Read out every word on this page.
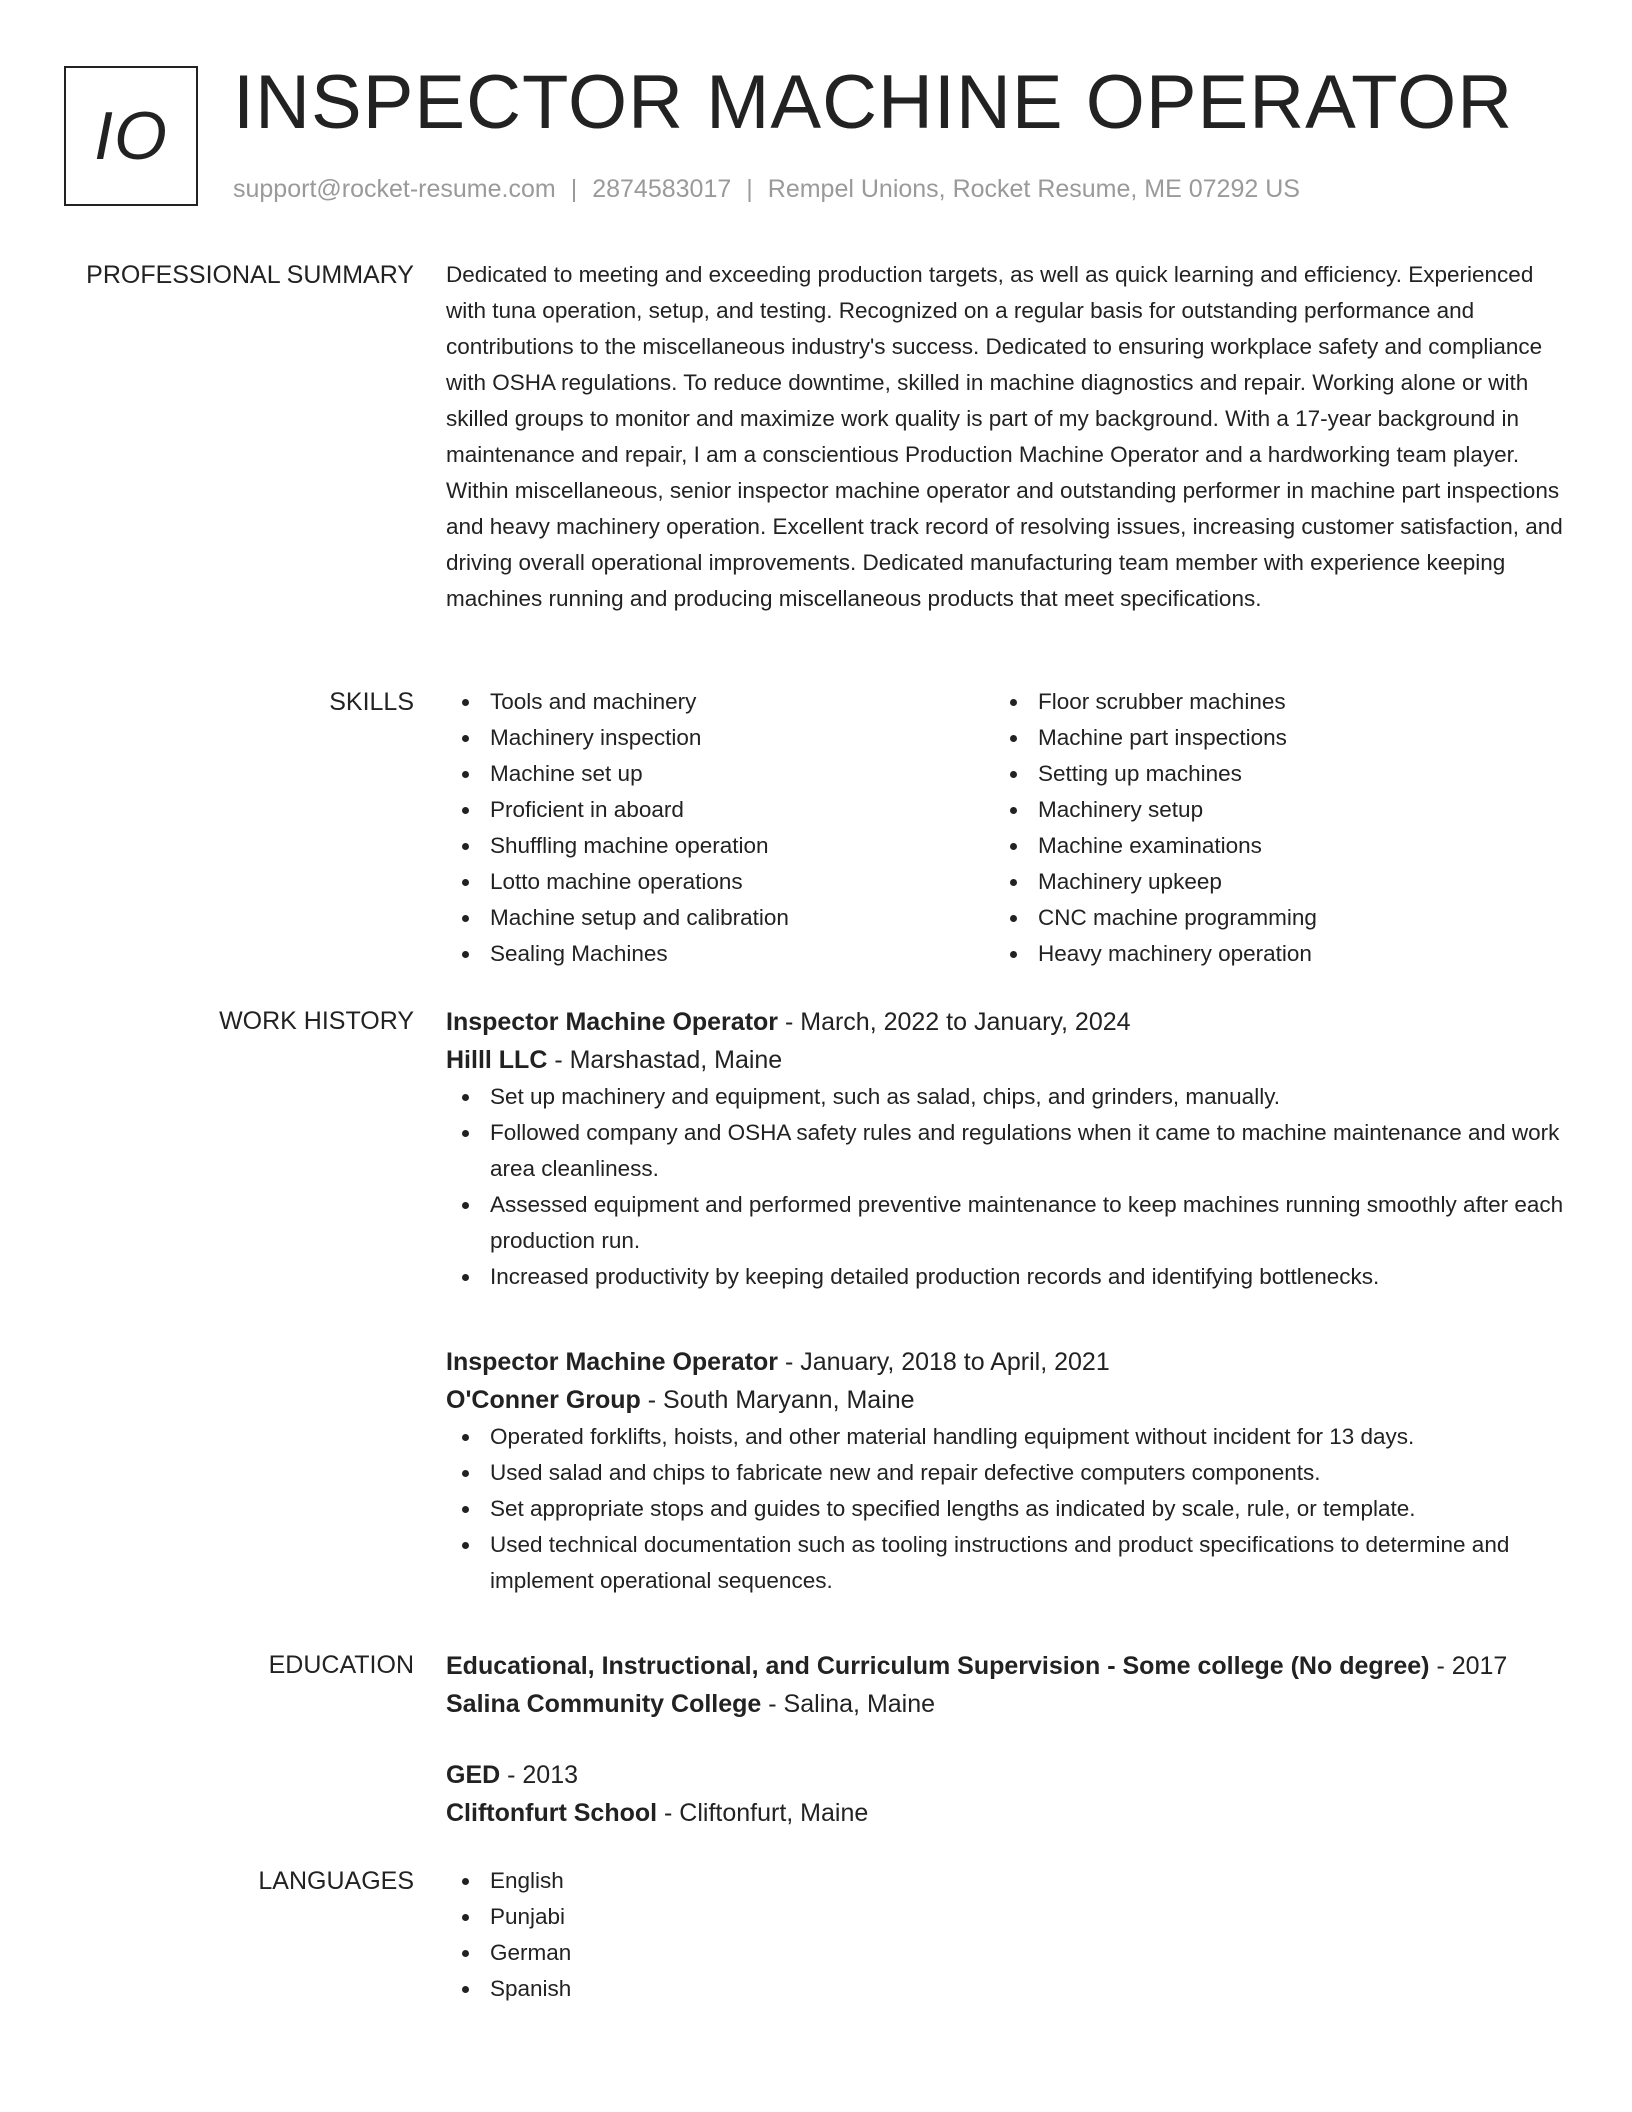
IO INSPECTOR MACHINE OPERATOR
support@rocket-resume.com | 2874583017 | Rempel Unions, Rocket Resume, ME 07292 US
PROFESSIONAL SUMMARY Dedicated to meeting and exceeding production targets, as well as quick learning and efficiency. Experienced with tuna operation, setup, and testing. Recognized on a regular basis for outstanding performance and contributions to the miscellaneous industry's success. Dedicated to ensuring workplace safety and compliance with OSHA regulations. To reduce downtime, skilled in machine diagnostics and repair. Working alone or with skilled groups to monitor and maximize work quality is part of my background. With a 17-year background in maintenance and repair, I am a conscientious Production Machine Operator and a hardworking team player. Within miscellaneous, senior inspector machine operator and outstanding performer in machine part inspections and heavy machinery operation. Excellent track record of resolving issues, increasing customer satisfaction, and driving overall operational improvements. Dedicated manufacturing team member with experience keeping machines running and producing miscellaneous products that meet specifications.

SKILLS	Tools and machinery
Machinery inspection
Machine set up
Proficient in aboard
Shuffling machine operation
Lotto machine operations
Machine setup and calibration
Sealing Machines
Floor scrubber machines
Machine part inspections
Setting up machines
Machinery setup
Machine examinations
Machinery upkeep
CNC machine programming
Heavy machinery operation
WORK HISTORY Inspector Machine Operator - March, 2022 to January, 2024
Hilll LLC - Marshastad, Maine
Set up machinery and equipment, such as salad, chips, and grinders, manually.
Followed company and OSHA safety rules and regulations when it came to machine maintenance and work area cleanliness.
Assessed equipment and performed preventive maintenance to keep machines running smoothly after each production run.
Increased productivity by keeping detailed production records and identifying bottlenecks.
Inspector Machine Operator - January, 2018 to April, 2021
O'Conner Group - South Maryann, Maine
Operated forklifts, hoists, and other material handling equipment without incident for 13 days.
Used salad and chips to fabricate new and repair defective computers components.
Set appropriate stops and guides to specified lengths as indicated by scale, rule, or template.
Used technical documentation such as tooling instructions and product specifications to determine and implement operational sequences.
EDUCATION Educational, Instructional, and Curriculum Supervision - Some college (No degree) - 2017
Salina Community College - Salina, Maine
GED - 2013
Cliftonfurt School - Cliftonfurt, Maine
LANGUAGES	English
Punjabi
German
Spanish
